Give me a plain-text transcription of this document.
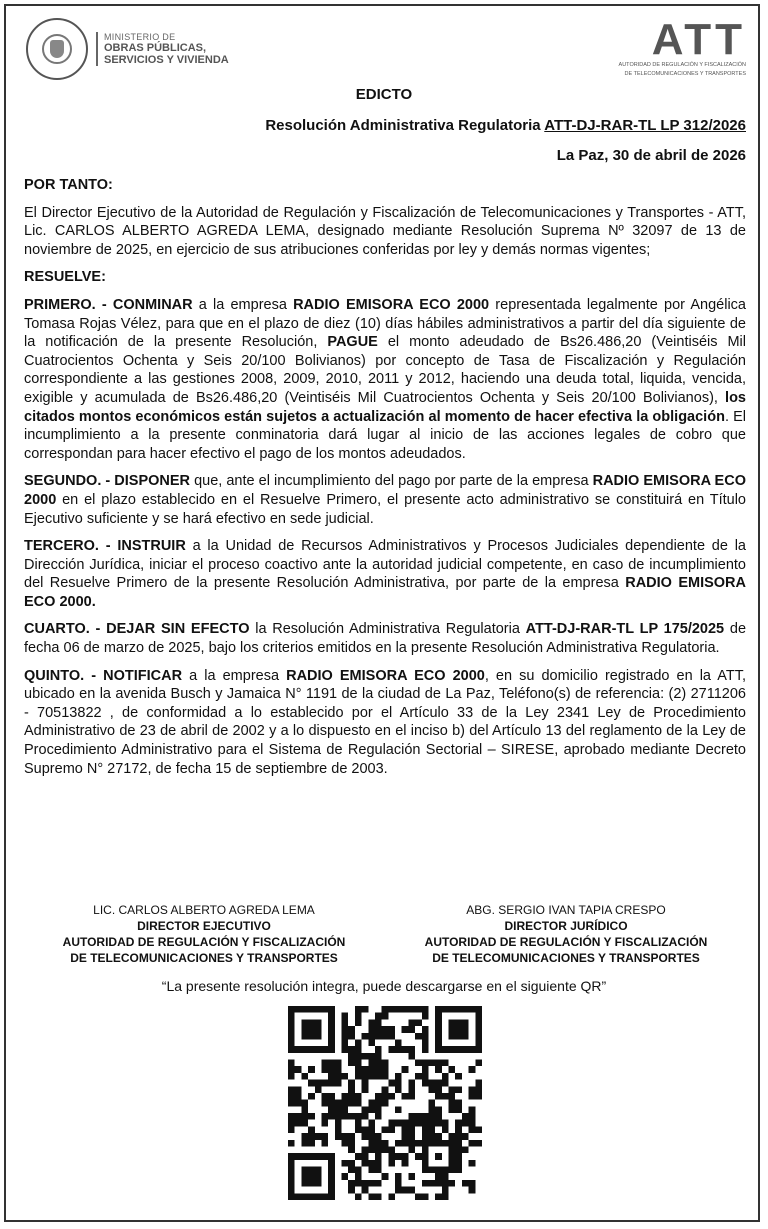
MINISTERIO DE
OBRAS PÚBLICAS,
SERVICIOS Y VIVIENDA	ATT
AUTORIDAD DE REGULACIÓN Y FISCALIZACIÓN
DE TELECOMUNICACIONES Y TRANSPORTES
EDICTO
Resolución Administrativa Regulatoria ATT-DJ-RAR-TL LP 312/2026
La Paz, 30 de abril de 2026
POR TANTO:

El Director Ejecutivo de la Autoridad de Regulación y Fiscalización de Telecomunicaciones y Transportes - ATT, Lic. CARLOS ALBERTO AGREDA LEMA, designado mediante Resolución Suprema Nº 32097 de 13 de noviembre de 2025, en ejercicio de sus atribuciones conferidas por ley y demás normas vigentes;

RESUELVE:

PRIMERO. - CONMINAR a la empresa RADIO EMISORA ECO 2000 representada legalmente por Angélica Tomasa Rojas Vélez, para que en el plazo de diez (10) días hábiles administrativos a partir del día siguiente de la notificación de la presente Resolución, PAGUE el monto adeudado de Bs26.486,20 (Veintiséis Mil Cuatrocientos Ochenta y Seis 20/100 Bolivianos) por concepto de Tasa de Fiscalización y Regulación correspondiente a las gestiones 2008, 2009, 2010, 2011 y 2012, haciendo una deuda total, liquida, vencida, exigible y acumulada de Bs26.486,20 (Veintiséis Mil Cuatrocientos Ochenta y Seis 20/100 Bolivianos), los citados montos económicos están sujetos a actualización al momento de hacer efectiva la obligación. El incumplimiento a la presente conminatoria dará lugar al inicio de las acciones legales de cobro que correspondan para hacer efectivo el pago de los montos adeudados.

SEGUNDO. - DISPONER que, ante el incumplimiento del pago por parte de la empresa RADIO EMISORA ECO 2000 en el plazo establecido en el Resuelve Primero, el presente acto administrativo se constituirá en Título Ejecutivo suficiente y se hará efectivo en sede judicial.

TERCERO. - INSTRUIR a la Unidad de Recursos Administrativos y Procesos Judiciales dependiente de la Dirección Jurídica, iniciar el proceso coactivo ante la autoridad judicial competente, en caso de incumplimiento del Resuelve Primero de la presente Resolución Administrativa, por parte de la empresa RADIO EMISORA ECO 2000.

CUARTO. - DEJAR SIN EFECTO la Resolución Administrativa Regulatoria ATT-DJ-RAR-TL LP 175/2025 de fecha 06 de marzo de 2025, bajo los criterios emitidos en la presente Resolución Administrativa Regulatoria.

QUINTO. - NOTIFICAR a la empresa RADIO EMISORA ECO 2000, en su domicilio registrado en la ATT, ubicado en la avenida Busch y Jamaica N° 1191 de la ciudad de La Paz, Teléfono(s) de referencia: (2) 2711206 - 70513822 , de conformidad a lo establecido por el Artículo 33 de la Ley 2341 Ley de Procedimiento Administrativo de 23 de abril de 2002 y a lo dispuesto en el inciso b) del Artículo 13 del reglamento de la Ley de Procedimiento Administrativo para el Sistema de Regulación Sectorial – SIRESE, aprobado mediante Decreto Supremo N° 27172, de fecha 15 de septiembre de 2003.

LIC. CARLOS ALBERTO AGREDA LEMA
DIRECTOR EJECUTIVO
AUTORIDAD DE REGULACIÓN Y FISCALIZACIÓN
DE TELECOMUNICACIONES Y TRANSPORTES
ABG. SERGIO IVAN TAPIA CRESPO
DIRECTOR JURÍDICO
AUTORIDAD DE REGULACIÓN Y FISCALIZACIÓN
DE TELECOMUNICACIONES Y TRANSPORTES
“La presente resolución integra, puede descargarse en el siguiente QR”
